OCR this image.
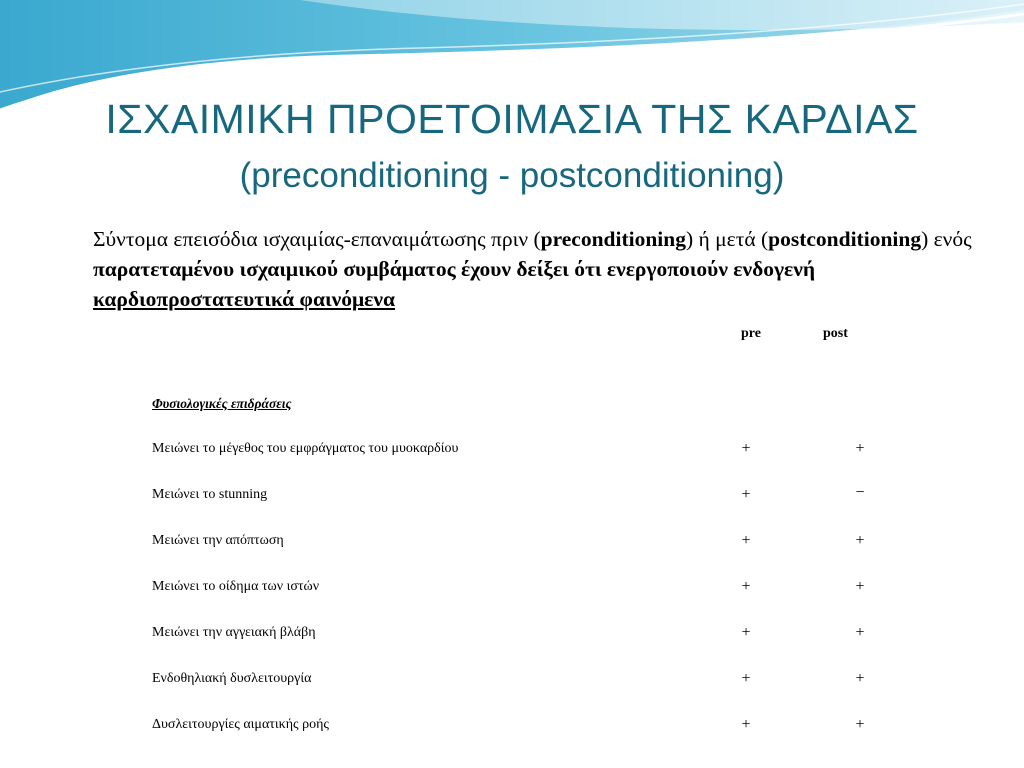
ΙΣΧΑΙΜΙΚΗ ΠΡΟΕΤΟΙΜΑΣΙΑ ΤΗΣ ΚΑΡΔΙΑΣ
(preconditioning - postconditioning)
Σύντομα επεισόδια ισχαιμίας-επαναιμάτωσης πριν (preconditioning) ή μετά (postconditioning) ενός παρατεταμένου ισχαιμικού συμβάματος έχουν δείξει ότι ενεργοποιούν ενδογενή καρδιοπροστατευτικά φαινόμενα
pre	post
Φυσιολογικές επιδράσεις
Μειώνει το μέγεθος του εμφράγματος του μυοκαρδίου	+	+
Μειώνει το stunning	+	−
Μειώνει την απόπτωση	+	+
Μειώνει το οίδημα των ιστών	+	+
Μειώνει την αγγειακή βλάβη	+	+
Ενδοθηλιακή δυσλειτουργία	+	+
Δυσλειτουργίες αιματικής ροής	+	+
